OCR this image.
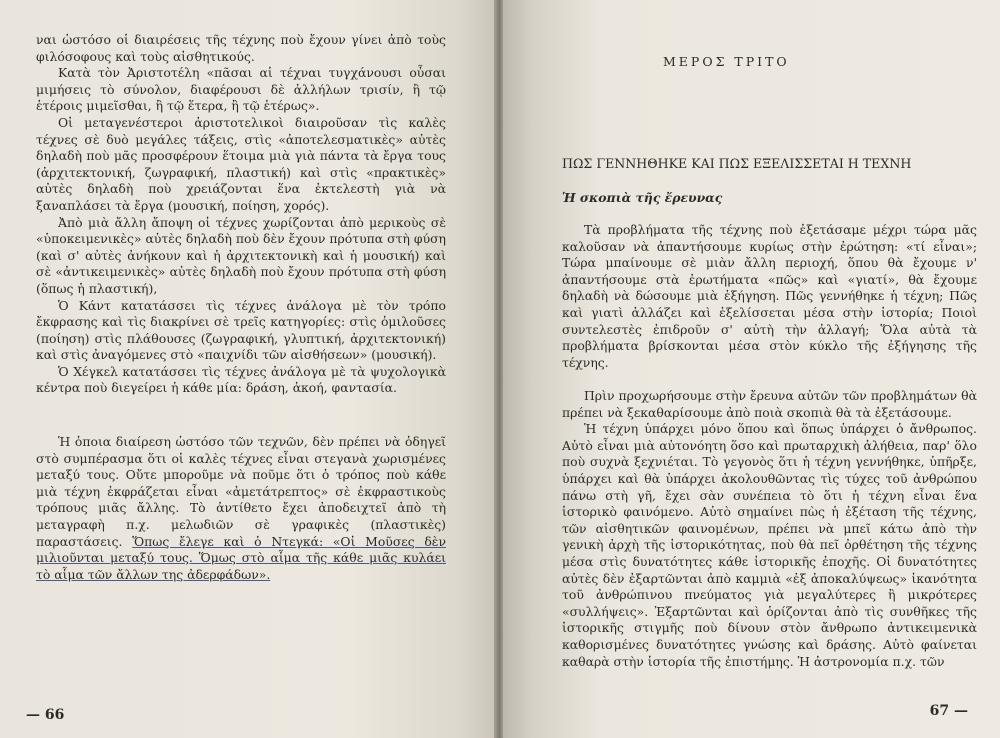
ναι ὡστόσο οἱ διαιρέσεις τῆς τέχνης ποὺ ἔχουν γίνει ἀπὸ τοὺς φιλόσοφους καὶ τοὺς αἰσθητικούς.

Κατὰ τὸν Ἀριστοτέλη «πᾶσαι αἱ τέχναι τυγχάνουσι οὖσαι μιμήσεις τὸ σύνολον, διαφέρουσι δὲ ἀλλήλων τρισίν, ἢ τῷ ἑτέροις μιμεῖσθαι, ἢ τῷ ἕτερα, ἢ τῷ ἑτέρως».

Οἱ μεταγενέστεροι ἀριστοτελικοὶ διαιροῦσαν τὶς καλὲς τέχνες σὲ δυὸ μεγάλες τάξεις, στὶς «ἀποτελεσματικὲς» αὐτὲς δηλαδὴ ποὺ μᾶς προσφέρουν ἕτοιμα μιὰ γιὰ πάντα τὰ ἔργα τους (ἀρχιτεκτονική, ζωγραφική, πλαστική) καὶ στὶς «πρακτικὲς» αὐτὲς δηλαδὴ ποὺ χρειάζονται ἕνα ἐκτελεστὴ γιὰ νὰ ξαναπλάσει τὰ ἔργα (μουσική, ποίηση, χορός).

Ἀπὸ μιὰ ἄλλη ἄποψη οἱ τέχνες χωρίζονται ἀπὸ μερικοὺς σὲ «ὑποκειμενικὲς» αὐτὲς δηλαδὴ ποὺ δὲν ἔχουν πρότυπα στὴ φύση (καὶ σ' αὐτὲς ἀνήκουν καὶ ἡ ἀρχιτεκτονικὴ καὶ ἡ μουσική) καὶ σὲ «ἀντικειμενικὲς» αὐτὲς δηλαδὴ ποὺ ἔχουν πρότυπα στὴ φύση (ὅπως ἡ πλαστική),

Ὁ Κάντ κατατάσσει τὶς τέχνες ἀνάλογα μὲ τὸν τρόπο ἔκφρασης καὶ τὶς διακρίνει σὲ τρεῖς κατηγορίες: στὶς ὁμιλοῦσες (ποίηση) στὶς πλάθουσες (ζωγραφική, γλυπτική, ἀρχιτεκτονική) καὶ στὶς ἀναγόμενες στὸ «παιχνίδι τῶν αἰσθήσεων» (μουσική).

Ὁ Χέγκελ κατατάσσει τὶς τέχνες ἀνάλογα μὲ τὰ ψυχολογικὰ κέντρα ποὺ διεγείρει ἡ κάθε μία: δράση, ἀκοή, φαντασία.

Ἡ ὁποια διαίρεση ὡστόσο τῶν τεχνῶν, δὲν πρέπει νὰ ὁδηγεῖ στὸ συμπέρασμα ὅτι οἱ καλὲς τέχνες εἶναι στεγανὰ χωρισμένες μεταξύ τους. Οὔτε μποροῦμε νὰ ποῦμε ὅτι ὁ τρόπος ποὺ κάθε μιὰ τέχνη ἐκφράζεται εἶναι «ἀμετάτρεπτος» σὲ ἐκφραστικοὺς τρόπους μιᾶς ἄλλης. Τὸ ἀντίθετο ἔχει ἀποδειχτεῖ ἀπὸ τὴ μεταγραφὴ π.χ. μελωδιῶν σὲ γραφικὲς (πλαστικὲς) παραστάσεις. Ὅπως ἔλεγε καὶ ὁ Ντεγκά: «Οἱ Μοῦσες δὲν μιλιοῦνται μεταξύ τους. Ὅμως στὸ αἷμα τῆς κάθε μιᾶς κυλάει τὸ αἷμα τῶν ἄλλων της ἀδερφάδων».

— 66
ΜΕΡΟΣ ΤΡΙΤΟ
ΠΩΣ ΓΕΝΝΗΘΗΚΕ ΚΑΙ ΠΩΣ ΕΞΕΛΙΣΣΕΤΑΙ Η ΤΕΧΝΗ
Ἡ σκοπιὰ τῆς ἔρευνας

Τὰ προβλήματα τῆς τέχνης ποὺ ἐξετάσαμε μέχρι τώρα μᾶς καλοῦσαν νὰ ἀπαντήσουμε κυρίως στὴν ἐρώτηση: «τί εἶναι»; Τώρα μπαίνουμε σὲ μιὰν ἄλλη περιοχή, ὅπου θὰ ἔχουμε ν' ἀπαντήσουμε στὰ ἐρωτήματα «πῶς» καὶ «γιατί», θὰ ἔχουμε δηλαδὴ νὰ δώσουμε μιὰ ἐξήγηση. Πῶς γεννήθηκε ἡ τέχνη; Πῶς καὶ γιατὶ ἀλλάζει καὶ ἐξελίσσεται μέσα στὴν ἱστορία; Ποιοὶ συντελεστὲς ἐπιδροῦν σ' αὐτὴ τὴν ἀλλαγή; Ὅλα αὐτὰ τὰ προβλήματα βρίσκονται μέσα στὸν κύκλο τῆς ἐξήγησης τῆς τέχνης.

Πρὶν προχωρήσουμε στὴν ἔρευνα αὐτῶν τῶν προβλημάτων θὰ πρέπει νὰ ξεκαθαρίσουμε ἀπὸ ποιὰ σκοπιὰ θὰ τὰ ἐξετάσουμε.

Ἡ τέχνη ὑπάρχει μόνο ὅπου καὶ ὅπως ὑπάρχει ὁ ἄνθρωπος. Αὐτὸ εἶναι μιὰ αὐτονόητη ὅσο καὶ πρωταρχικὴ ἀλήθεια, παρ' ὅλο ποὺ συχνὰ ξεχνιέται. Τὸ γεγονὸς ὅτι ἡ τέχνη γεννήθηκε, ὑπῆρξε, ὑπάρχει καὶ θὰ ὑπάρχει ἀκολουθῶντας τὶς τύχες τοῦ ἀνθρώπου πάνω στὴ γῆ, ἔχει σὰν συνέπεια τὸ ὅτι ἡ τέχνη εἶναι ἕνα ἱστορικὸ φαινόμενο. Αὐτὸ σημαίνει πὼς ἡ ἐξέταση τῆς τέχνης, τῶν αἰσθητικῶν φαινομένων, πρέπει νὰ μπεῖ κάτω ἀπὸ τὴν γενικὴ ἀρχὴ τῆς ἱστορικότητας, ποὺ θὰ πεῖ ὀρθέτηση τῆς τέχνης μέσα στὶς δυνατότητες κάθε ἱστορικῆς ἐποχῆς. Οἱ δυνατότητες αὐτὲς δὲν ἐξαρτῶνται ἀπὸ καμμιὰ «ἐξ ἀποκαλύψεως» ἱκανότητα τοῦ ἀνθρώπινου πνεύματος γιὰ μεγαλύτερες ἢ μικρότερες «συλλήψεις». Ἐξαρτῶνται καὶ ὁρίζονται ἀπὸ τὶς συνθῆκες τῆς ἱστορικῆς στιγμῆς ποὺ δίνουν στὸν ἄνθρωπο ἀντικειμενικὰ καθορισμένες δυνατότητες γνώσης καὶ δράσης. Αὐτὸ φαίνεται καθαρὰ στὴν ἱστορία τῆς ἐπιστήμης. Ἡ ἀστρονομία π.χ. τῶν

67 —
